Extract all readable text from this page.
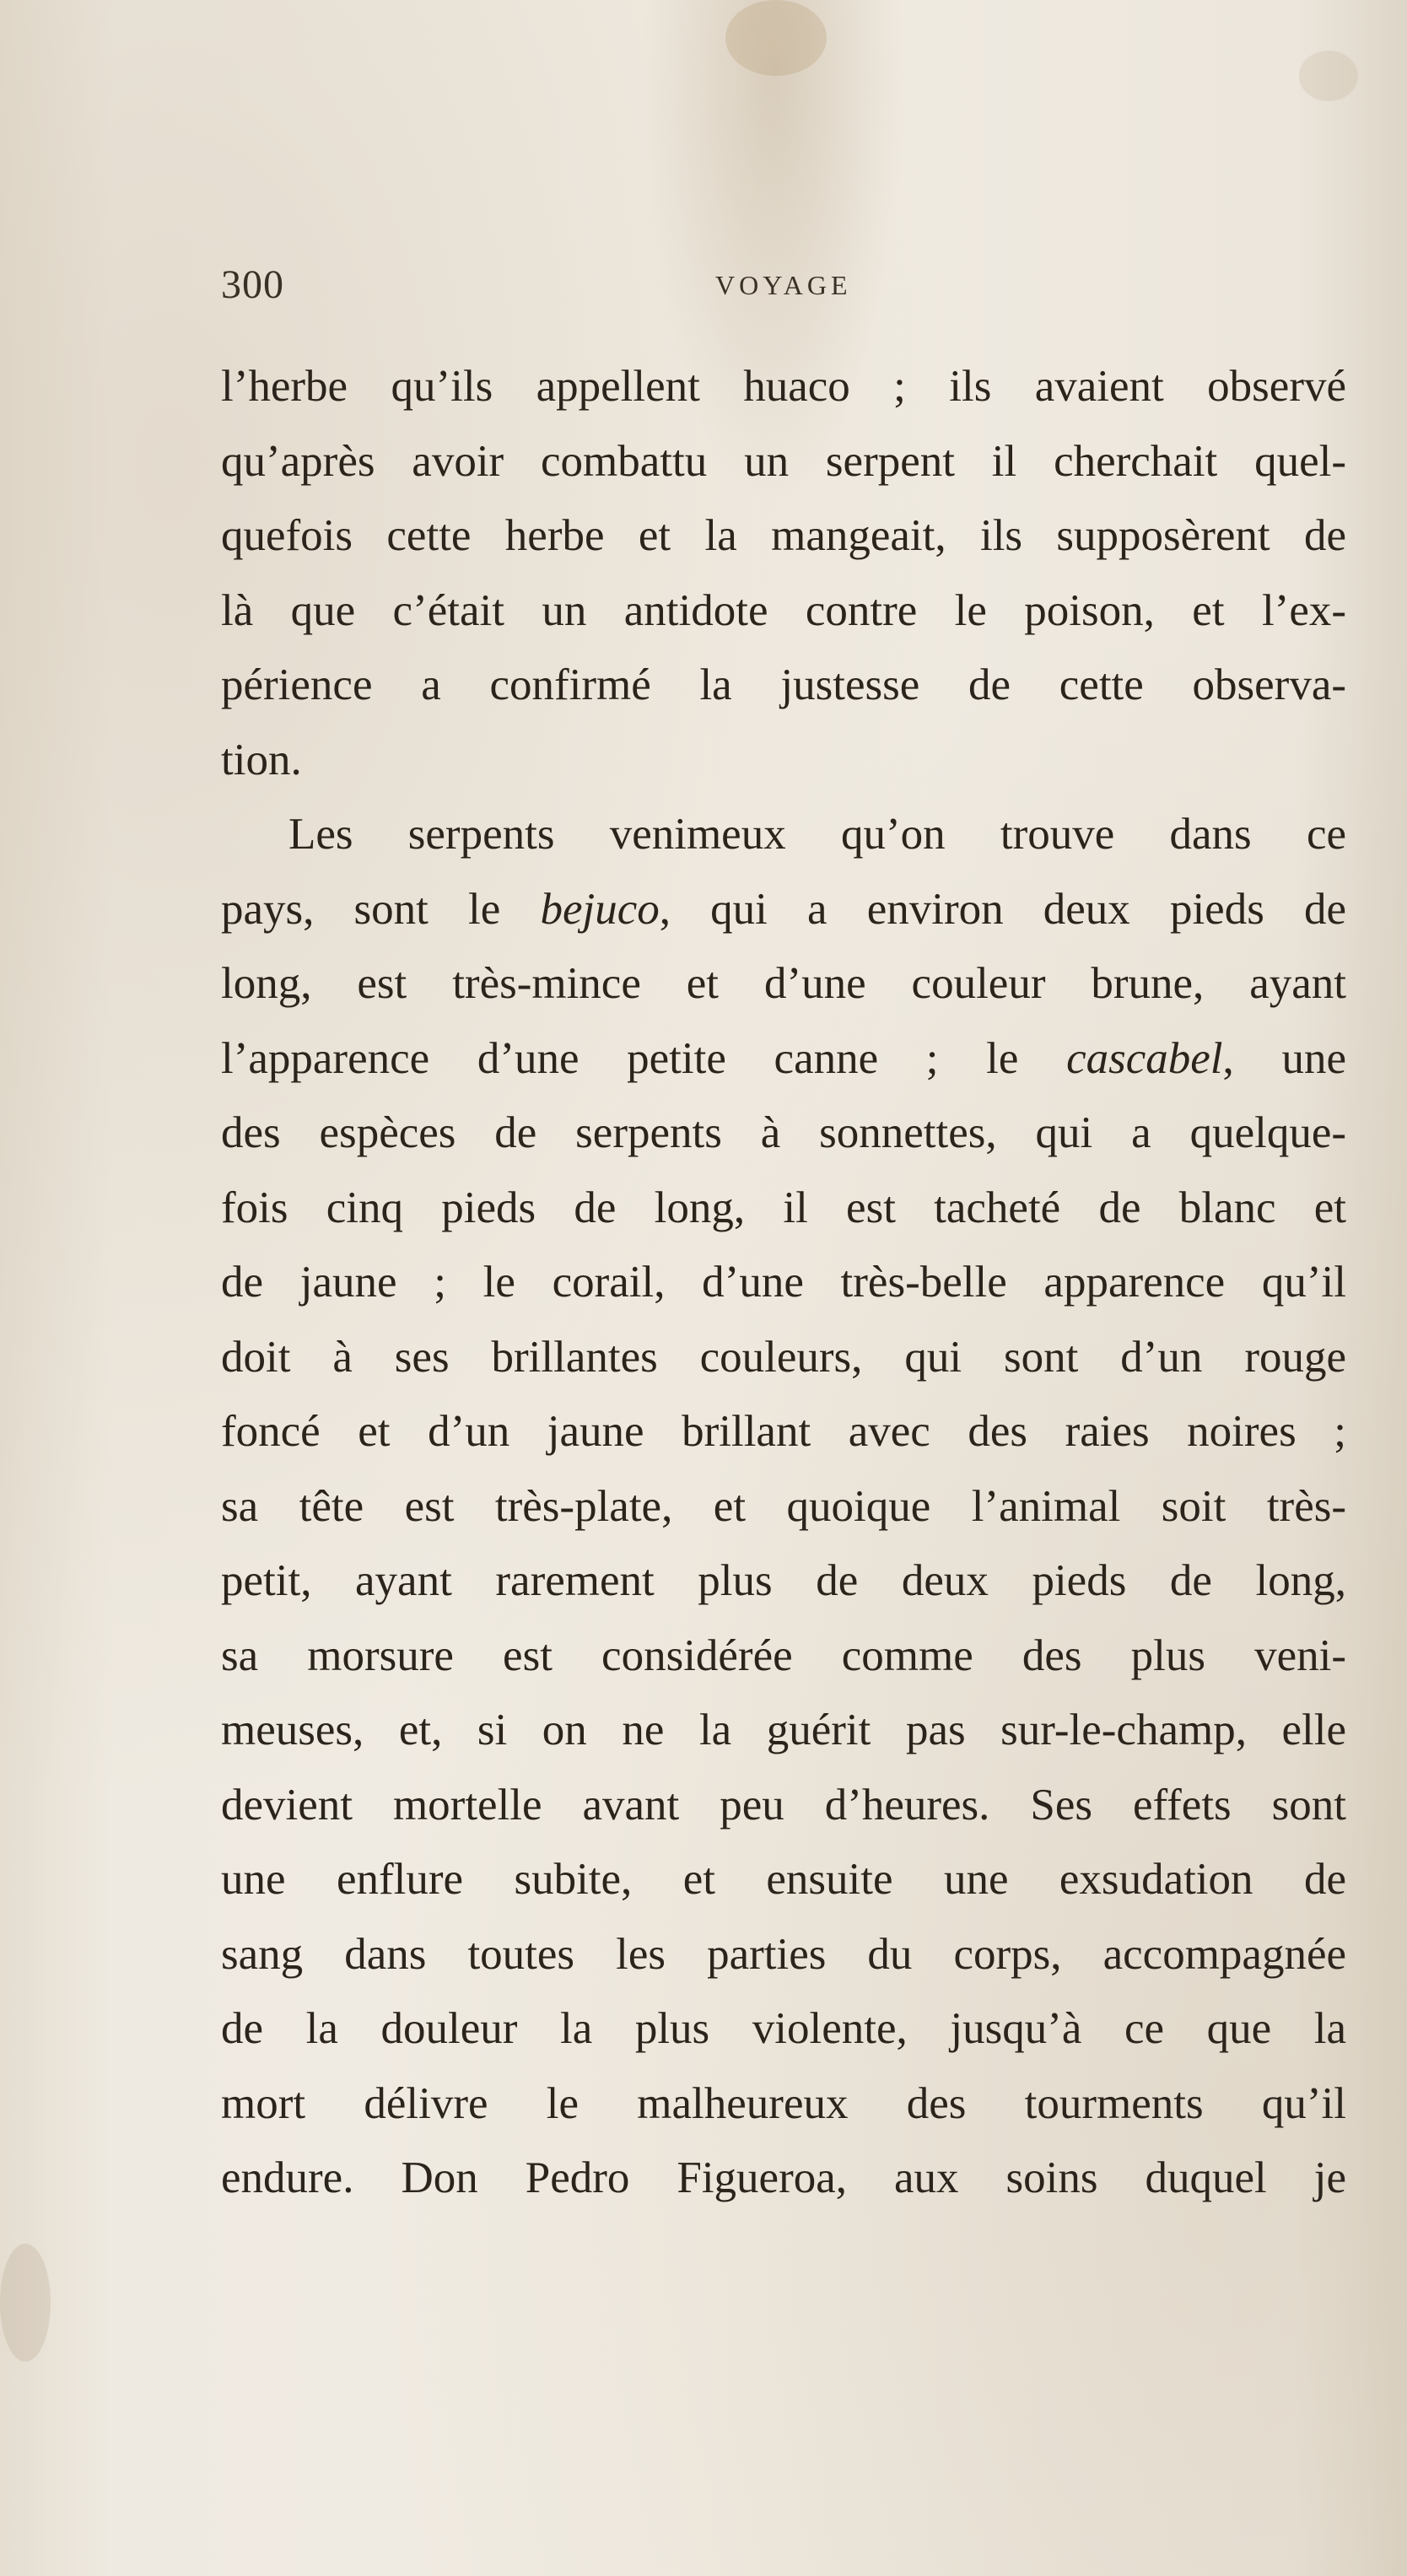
300	VOYAGE
l’herbe qu’ils appellent huaco ; ils avaient observé
qu’après avoir combattu un serpent il cherchait quel-
quefois cette herbe et la mangeait, ils supposèrent de
là que c’était un antidote contre le poison, et l’ex-
périence a confirmé la justesse de cette observa-
tion.
Les serpents venimeux qu’on trouve dans ce
pays, sont le bejuco, qui a environ deux pieds de
long, est très-mince et d’une couleur brune, ayant
l’apparence d’une petite canne ; le cascabel, une
des espèces de serpents à sonnettes, qui a quelque-
fois cinq pieds de long, il est tacheté de blanc et
de jaune ; le corail, d’une très-belle apparence qu’il
doit à ses brillantes couleurs, qui sont d’un rouge
foncé et d’un jaune brillant avec des raies noires ;
sa tête est très-plate, et quoique l’animal soit très-
petit, ayant rarement plus de deux pieds de long,
sa morsure est considérée comme des plus veni-
meuses, et, si on ne la guérit pas sur-le-champ, elle
devient mortelle avant peu d’heures. Ses effets sont
une enflure subite, et ensuite une exsudation de
sang dans toutes les parties du corps, accompagnée
de la douleur la plus violente, jusqu’à ce que la
mort délivre le malheureux des tourments qu’il
endure. Don Pedro Figueroa, aux soins duquel je
